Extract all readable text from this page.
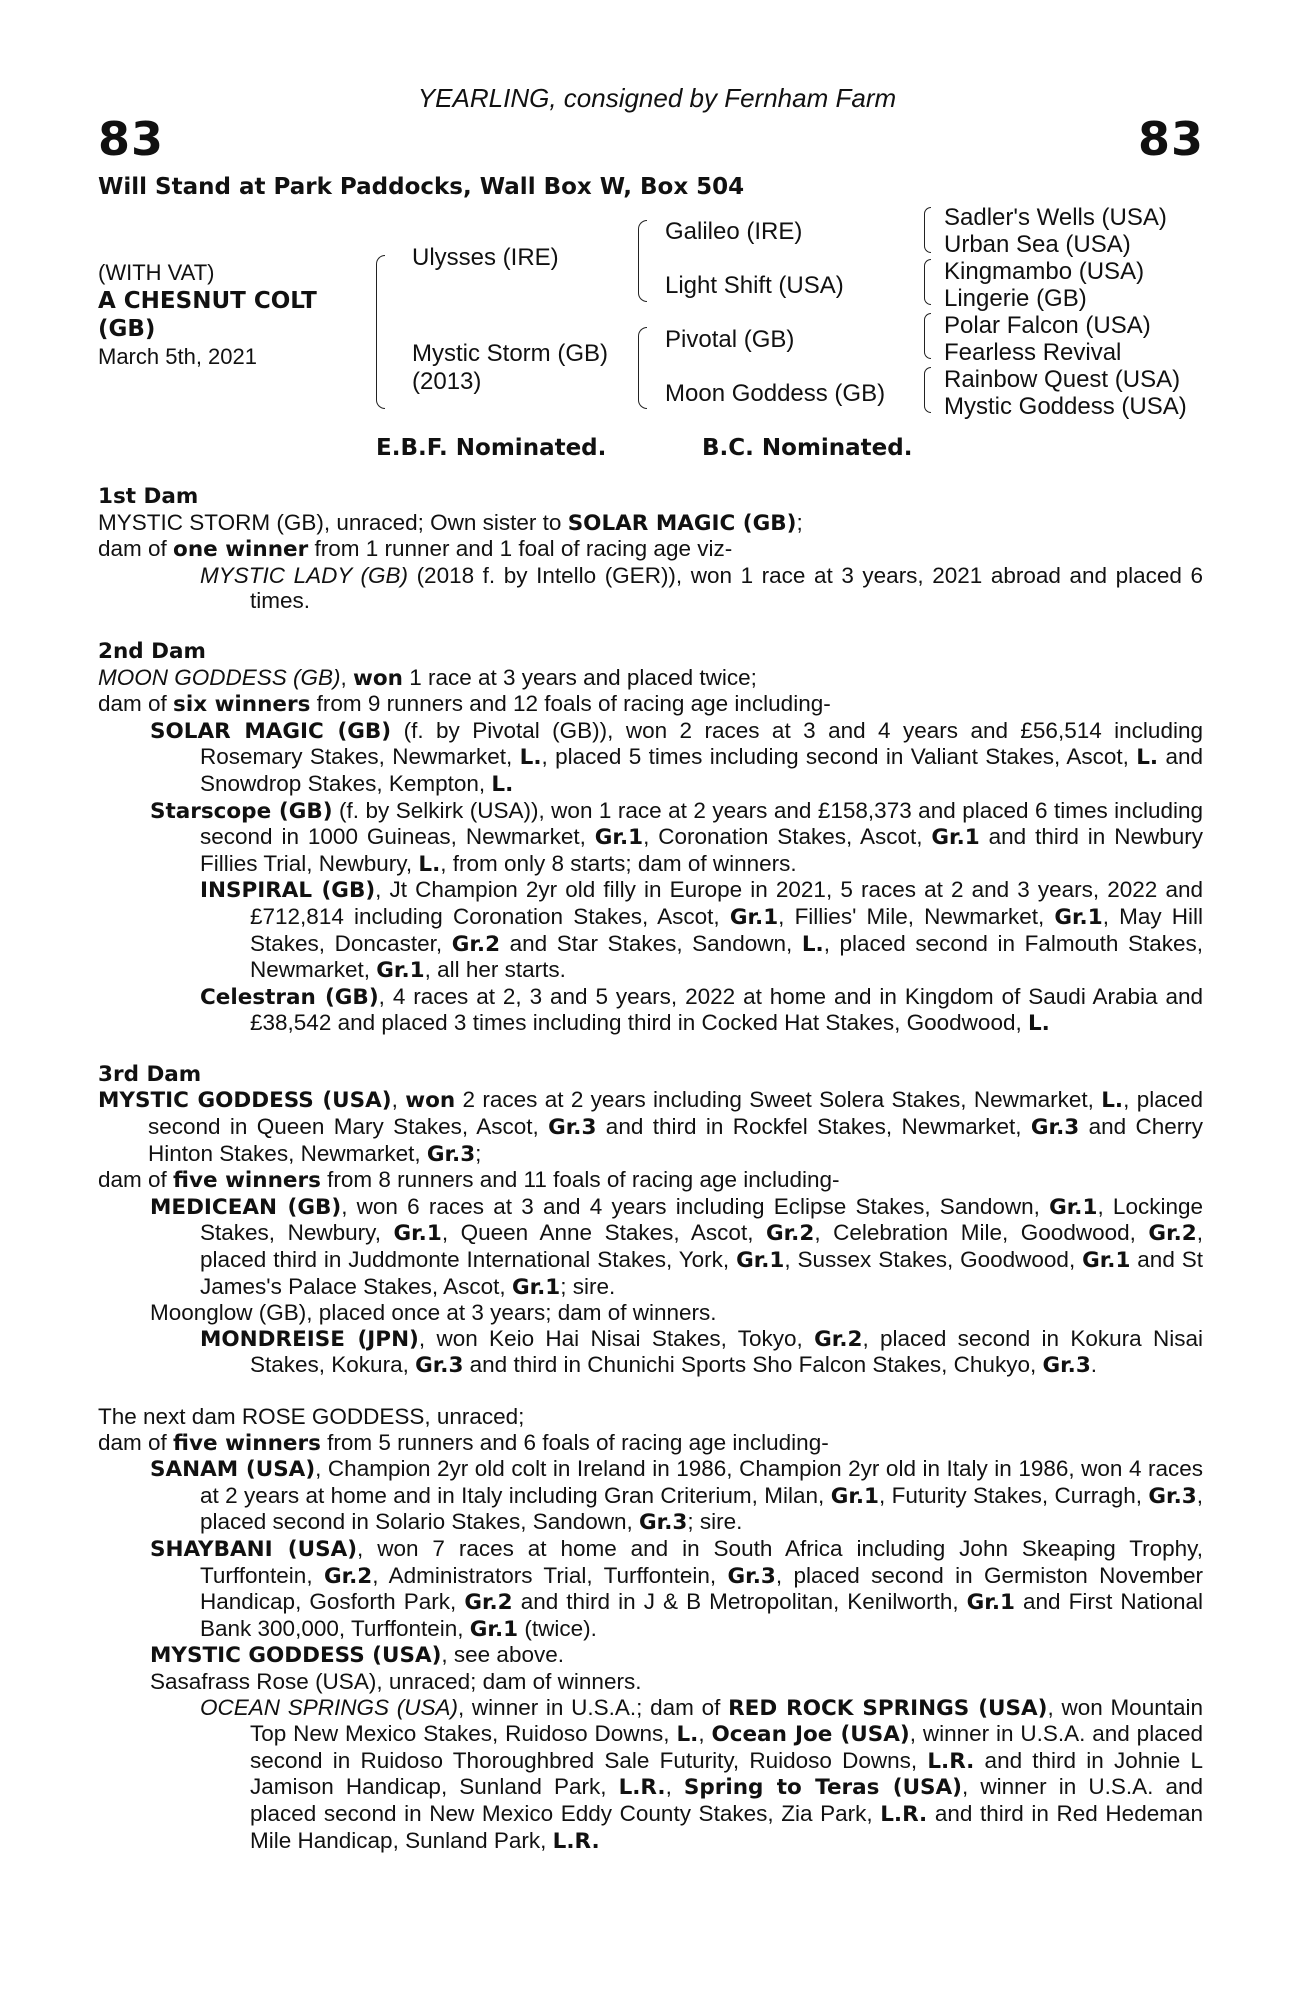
YEARLING, consigned by Fernham Farm
83	83
Will Stand at Park Paddocks, Wall Box W, Box 504
(WITH VAT)
A CHESNUT COLT
(GB)
March 5th, 2021
Ulysses (IRE)
Mystic Storm (GB)
(2013)
Galileo (IRE)
Light Shift (USA)
Pivotal (GB)
Moon Goddess (GB)
Sadler's Wells (USA)
Urban Sea (USA)
Kingmambo (USA)
Lingerie (GB)
Polar Falcon (USA)
Fearless Revival
Rainbow Quest (USA)
Mystic Goddess (USA)
E.B.F. Nominated.	B.C. Nominated.

1st Dam

MYSTIC STORM (GB), unraced; Own sister to SOLAR MAGIC (GB);

dam of one winner from 1 runner and 1 foal of racing age viz-

MYSTIC LADY (GB) (2018 f. by Intello (GER)), won 1 race at 3 years, 2021 abroad and placed 6 times.

2nd Dam

MOON GODDESS (GB), won 1 race at 3 years and placed twice;

dam of six winners from 9 runners and 12 foals of racing age including-

SOLAR MAGIC (GB) (f. by Pivotal (GB)), won 2 races at 3 and 4 years and £56,514 including Rosemary Stakes, Newmarket, L., placed 5 times including second in Valiant Stakes, Ascot, L. and Snowdrop Stakes, Kempton, L.

Starscope (GB) (f. by Selkirk (USA)), won 1 race at 2 years and £158,373 and placed 6 times including second in 1000 Guineas, Newmarket, Gr.1, Coronation Stakes, Ascot, Gr.1 and third in Newbury Fillies Trial, Newbury, L., from only 8 starts; dam of winners.

INSPIRAL (GB), Jt Champion 2yr old filly in Europe in 2021, 5 races at 2 and 3 years, 2022 and £712,814 including Coronation Stakes, Ascot, Gr.1, Fillies' Mile, Newmarket, Gr.1, May Hill Stakes, Doncaster, Gr.2 and Star Stakes, Sandown, L., placed second in Falmouth Stakes, Newmarket, Gr.1, all her starts.

Celestran (GB), 4 races at 2, 3 and 5 years, 2022 at home and in Kingdom of Saudi Arabia and £38,542 and placed 3 times including third in Cocked Hat Stakes, Goodwood, L.

3rd Dam

MYSTIC GODDESS (USA), won 2 races at 2 years including Sweet Solera Stakes, Newmarket, L., placed second in Queen Mary Stakes, Ascot, Gr.3 and third in Rockfel Stakes, Newmarket, Gr.3 and Cherry Hinton Stakes, Newmarket, Gr.3;

dam of five winners from 8 runners and 11 foals of racing age including-

MEDICEAN (GB), won 6 races at 3 and 4 years including Eclipse Stakes, Sandown, Gr.1, Lockinge Stakes, Newbury, Gr.1, Queen Anne Stakes, Ascot, Gr.2, Celebration Mile, Goodwood, Gr.2, placed third in Juddmonte International Stakes, York, Gr.1, Sussex Stakes, Goodwood, Gr.1 and St James's Palace Stakes, Ascot, Gr.1; sire.

Moonglow (GB), placed once at 3 years; dam of winners.

MONDREISE (JPN), won Keio Hai Nisai Stakes, Tokyo, Gr.2, placed second in Kokura Nisai Stakes, Kokura, Gr.3 and third in Chunichi Sports Sho Falcon Stakes, Chukyo, Gr.3.

The next dam ROSE GODDESS, unraced;

dam of five winners from 5 runners and 6 foals of racing age including-

SANAM (USA), Champion 2yr old colt in Ireland in 1986, Champion 2yr old in Italy in 1986, won 4 races at 2 years at home and in Italy including Gran Criterium, Milan, Gr.1, Futurity Stakes, Curragh, Gr.3, placed second in Solario Stakes, Sandown, Gr.3; sire.

SHAYBANI (USA), won 7 races at home and in South Africa including John Skeaping Trophy, Turffontein, Gr.2, Administrators Trial, Turffontein, Gr.3, placed second in Germiston November Handicap, Gosforth Park, Gr.2 and third in J & B Metropolitan, Kenilworth, Gr.1 and First National Bank 300,000, Turffontein, Gr.1 (twice).

MYSTIC GODDESS (USA), see above.

Sasafrass Rose (USA), unraced; dam of winners.

OCEAN SPRINGS (USA), winner in U.S.A.; dam of RED ROCK SPRINGS (USA), won Mountain Top New Mexico Stakes, Ruidoso Downs, L., Ocean Joe (USA), winner in U.S.A. and placed second in Ruidoso Thoroughbred Sale Futurity, Ruidoso Downs, L.R. and third in Johnie L Jamison Handicap, Sunland Park, L.R., Spring to Teras (USA), winner in U.S.A. and placed second in New Mexico Eddy County Stakes, Zia Park, L.R. and third in Red Hedeman Mile Handicap, Sunland Park, L.R.
